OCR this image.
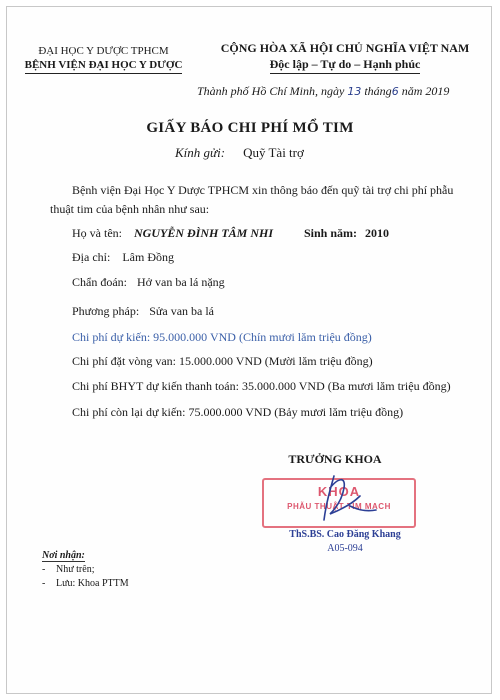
ĐẠI HỌC Y DƯỢC TPHCM
BỆNH VIỆN ĐẠI HỌC Y DƯỢC
CỘNG HÒA XÃ HỘI CHỦ NGHĨA VIỆT NAM
Độc lập – Tự do – Hạnh phúc
Thành phố Hồ Chí Minh, ngày 13 tháng6 năm 2019
GIẤY BÁO CHI PHÍ MỔ TIM
Kính gửi: Quỹ Tài trợ
Bệnh viện Đại Học Y Dược TPHCM xin thông báo đến quỹ tài trợ chi phí phẫu
thuật tim của bệnh nhân như sau:
Họ và tên: NGUYỄN ĐÌNH TÂM NHI	Sinh năm: 2010
Địa chỉ: Lâm Đồng
Chẩn đoán: Hở van ba lá nặng
Phương pháp: Sửa van ba lá
Chi phí dự kiến: 95.000.000 VND (Chín mươi lăm triệu đồng)
Chi phí đặt vòng van: 15.000.000 VND (Mười lăm triệu đồng)
Chi phí BHYT dự kiến thanh toán: 35.000.000 VND (Ba mươi lăm triệu đồng)
Chi phí còn lại dự kiến: 75.000.000 VND (Bảy mươi lăm triệu đồng)
TRƯỞNG KHOA
KHOA
PHẪU THUẬT TIM MẠCH
ThS.BS. Cao Đăng Khang
A05-094
Nơi nhận:
- Như trên;
- Lưu: Khoa PTTM
